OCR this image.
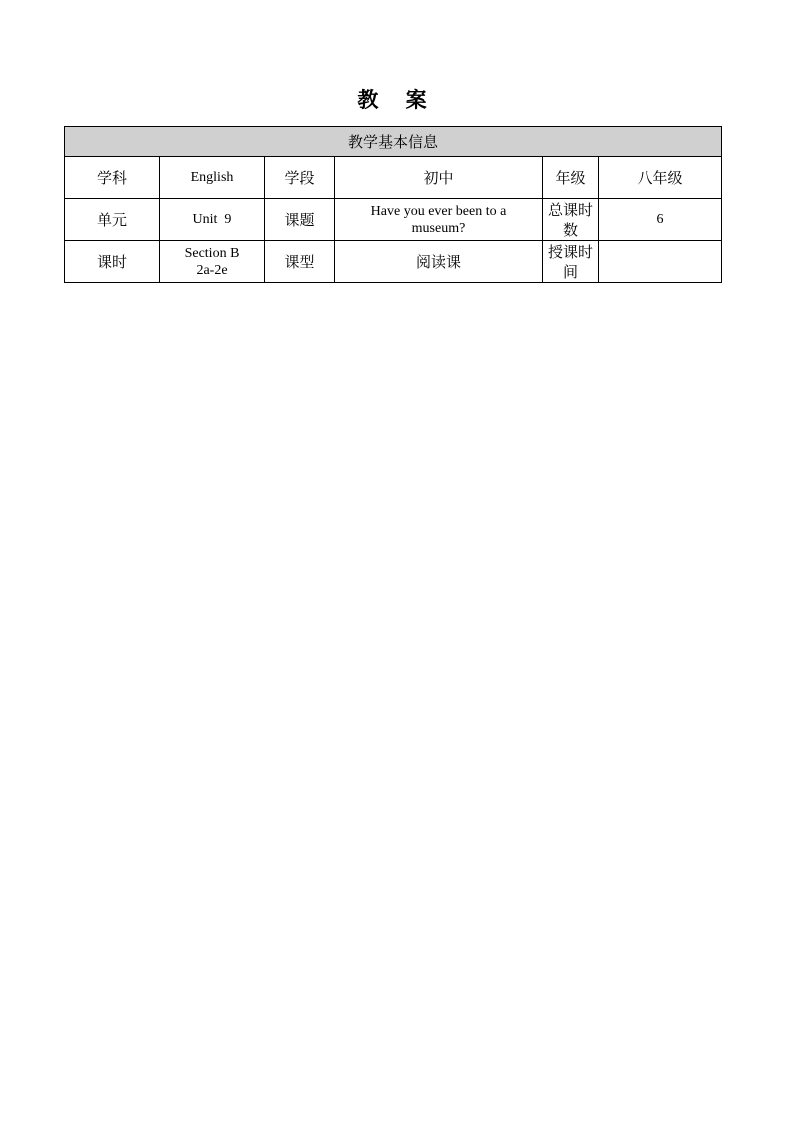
教 案
教学基本信息					
学科	English	学段	初中	年级	八年级
单元	Unit  9	课题	Have you ever been to a museum?	总课时数	6
课时	Section B 2a-2e	课型	阅读课	授课时间	
